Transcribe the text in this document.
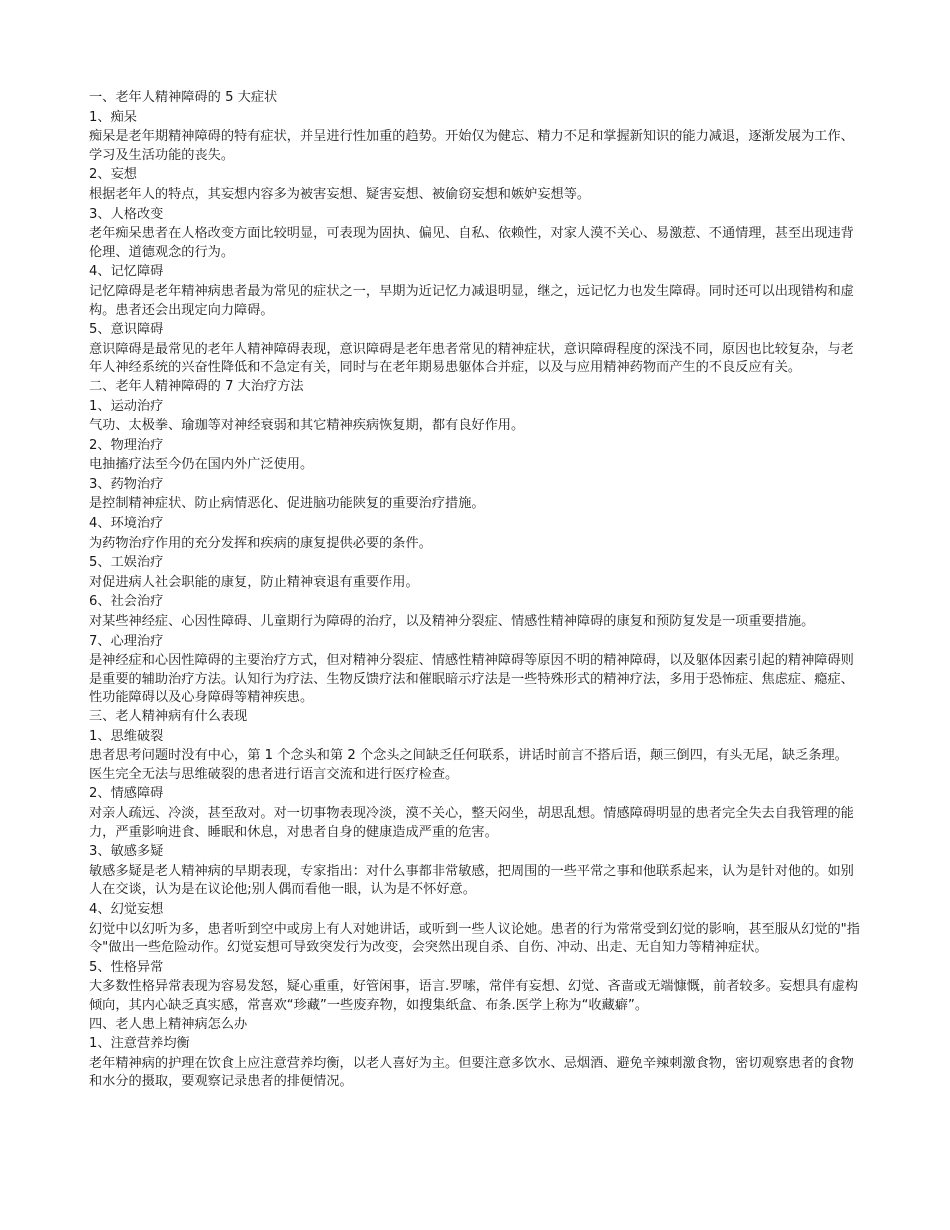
一、老年人精神障碍的 5 大症状

1、痴呆

痴呆是老年期精神障碍的特有症状，并呈进行性加重的趋势。开始仅为健忘、精力不足和掌握新知识的能力减退，逐渐发展为工作、学习及生活功能的丧失。

2、妄想

根据老年人的特点，其妄想内容多为被害妄想、疑害妄想、被偷窃妄想和嫉妒妄想等。

3、人格改变

老年痴呆患者在人格改变方面比较明显，可表现为固执、偏见、自私、依赖性，对家人漠不关心、易激惹、不通情理，甚至出现违背伦理、道德观念的行为。

4、记忆障碍

记忆障碍是老年精神病患者最为常见的症状之一，早期为近记忆力减退明显，继之，远记忆力也发生障碍。同时还可以出现错构和虚构。患者还会出现定向力障碍。

5、意识障碍

意识障碍是最常见的老年人精神障碍表现，意识障碍是老年患者常见的精神症状，意识障碍程度的深浅不同，原因也比较复杂，与老年人神经系统的兴奋性降低和不急定有关，同时与在老年期易患躯体合并症，以及与应用精神药物而产生的不良反应有关。

二、老年人精神障碍的 7 大治疗方法

1、运动治疗

气功、太极拳、瑜珈等对神经衰弱和其它精神疾病恢复期，都有良好作用。

2、物理治疗

电抽搐疗法至今仍在国内外广泛使用。

3、药物治疗

是控制精神症状、防止病情恶化、促进脑功能陕复的重要治疗措施。

4、环境治疗

为药物治疗作用的充分发挥和疾病的康复提供必要的条件。

5、工娱治疗

对促进病人社会职能的康复，防止精神衰退有重要作用。

6、社会治疗

对某些神经症、心因性障碍、儿童期行为障碍的治疗，以及精神分裂症、情感性精神障碍的康复和预防复发是一项重要措施。

7、心理治疗

是神经症和心因性障碍的主要治疗方式，但对精神分裂症、情感性精神障碍等原因不明的精神障碍，以及躯体因素引起的精神障碍则是重要的辅助治疗方法。认知行为疗法、生物反馈疗法和催眠暗示疗法是一些特殊形式的精神疗法，多用于恐怖症、焦虑症、瘾症、性功能障碍以及心身障碍等精神疾患。

三、老人精神病有什么表现

1、思维破裂

患者思考问题时没有中心，第 1 个念头和第 2 个念头之间缺乏任何联系，讲话时前言不搭后语，颠三倒四，有头无尾，缺乏条理。医生完全无法与思维破裂的患者进行语言交流和进行医疗检查。

2、情感障碍

对亲人疏远、冷淡，甚至敌对。对一切事物表现冷淡，漠不关心，整天闷坐，胡思乱想。情感障碍明显的患者完全失去自我管理的能力，严重影响进食、睡眠和休息，对患者自身的健康造成严重的危害。

3、敏感多疑

敏感多疑是老人精神病的早期表现，专家指出：对什么事都非常敏感，把周围的一些平常之事和他联系起来，认为是针对他的。如别人在交谈，认为是在议论他;别人偶而看他一眼，认为是不怀好意。

4、幻觉妄想

幻觉中以幻听为多，患者听到空中或房上有人对她讲话，或听到一些人议论她。患者的行为常常受到幻觉的影响，甚至服从幻觉的"指令"做出一些危险动作。幻觉妄想可导致突发行为改变，会突然出现自杀、自伤、冲动、出走、无自知力等精神症状。

5、性格异常

大多数性格异常表现为容易发怒，疑心重重，好管闲事，语言.罗嗦，常伴有妄想、幻觉、吝啬或无端慷慨，前者较多。妄想具有虚构倾向，其内心缺乏真实感，常喜欢“珍藏”一些废弃物，如搜集纸盒、布条.医学上称为“收藏癖”。

四、老人患上精神病怎么办

1、注意营养均衡

老年精神病的护理在饮食上应注意营养均衡，以老人喜好为主。但要注意多饮水、忌烟酒、避免辛辣刺激食物，密切观察患者的食物和水分的摄取，要观察记录患者的排便情况。
